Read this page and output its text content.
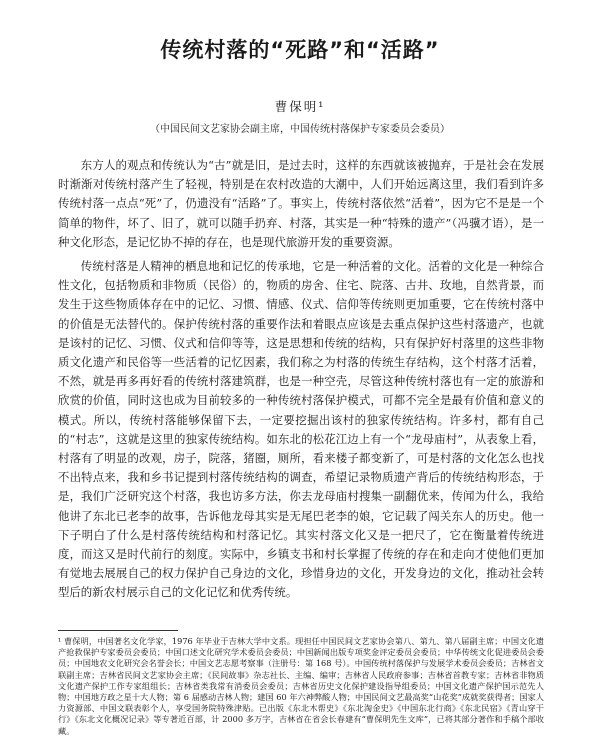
传统村落的“死路”和“活路”
曹保明¹
（中国民间文艺家协会副主席，中国传统村落保护专家委员会委员）

东方人的观点和传统认为“古”就是旧，是过去时，这样的东西就该被抛弃，于是社会在发展时渐渐对传统村落产生了轻视，特别是在农村改造的大潮中，人们开始远离这里，我们看到许多传统村落一点点“死”了，仍遗没有“活路”了。事实上，传统村落依然“活着”，因为它不是是一个简单的物件，坏了、旧了，就可以随手扔弃、村落，其实是一种“特殊的遗产”（冯骥才语），是一种文化形态，是记忆协不掉的存在，也是现代旅游开发的重要资源。

传统村落是人精神的栖息地和记忆的传承地，它是一种活着的文化。活着的文化是一种综合性文化，包括物质和非物质（民俗）的，物质的房舍、住宅、院落、古井、玫地，自然背景，而发生于这些物质体存在中的记忆、习惯、情感、仪式、信仰等传统则更加重要，它在传统村落中的价值是无法替代的。保护传统村落的重要作法和着眼点应该是去重点保护这些村落遗产，也就是该村的记忆、习惯、仪式和信仰等等，这是思想和传统的结构，只有保护好村落里的这些非物质文化遗产和民俗等一些活着的记忆因素，我们称之为村落的传统生存结构，这个村落才活着，不然，就是再多再好看的传统村落建筑群，也是一种空壳，尽管这种传统村落也有一定的旅游和欣赏的价值，同时这也成为目前较多的一种传统村落保护模式，可都不完全是最有价值和意义的模式。所以，传统村落能够保留下去，一定要挖掘出该村的独家传统结构。许多村，都有自己的“村志”，这就是这里的独家传统结构。如东北的松花江边上有一个“龙母庙村”，从表象上看，村落有了明显的改观，房子，院落，猪圈，厕所，看来楼子都变新了，可是村落的文化怎么也找不出特点来，我和乡书记提到村落传统结构的调查，希望记录物质遗产背后的传统结构形态，于是，我们广泛研究这个村落，我也访多方法，你去龙母庙村搜集一副翻优来，传闻为什么，我给他讲了东北已老李的故事，告诉他龙母其实是无尾巴老李的娘，它记载了闯关东人的历史。他一下子明白了什么是村落传统结构和村落记忆。其实村落文化又是一把尺了，它在衡量着传统进度，而这又是时代前行的刻度。实际中，乡镇支书和村长掌握了传统的存在和走向才使他们更加有觉地去展展自己的权力保护自己身边的文化，珍惜身边的文化，开发身边的文化，推动社会转型后的新农村展示自己的文化记忆和优秀传统。

¹ 曹保明，中国著名文化学家，1976 年毕业于吉林大学中文系。现担任中国民间文艺家协会第八、第九、第八届副主席；中国文化遗产抢救保护专家委员会委员；中国口述文化研究学术委员会委员；中国新闻出版专项奖金评定委员会委员；中华传统文化促进委员会委员；中国地农文化研究会名誉会长；中国文艺志愿考察事（注册号：第 168 号）。中国传统村落保护与发展学术委员会委员；吉林省文联副主席；吉林省民间文艺家协会主席；《民间故事》杂志社长、主编、编审；吉林省人民政府参事；吉林省首教专家；吉林省非物质文化遗产保护工作专家组组长；吉林省类我常有消委员会委员；吉林省历史文化保护建设指导组委员；中国文化遗产保护国示范先人物；中国地方政之星十大人物；第 6 届感动吉林人物；建国 60 年六神弊酸人物；中国民间文艺最高奖“山花奖”成就奖获得者；国家人力资源部、中国文联表彰个人，享受国务院特殊津贴。已出版《东北木帮史》《东北淘金史》《中国东北行商》《东北民宿》《青山穿干行》《东北文化概况记录》等专著近百部，计 2000 多万字，吉林省在省会长春建有“曹保明先生文库”，已将其部分著作和手稿个部收藏。
